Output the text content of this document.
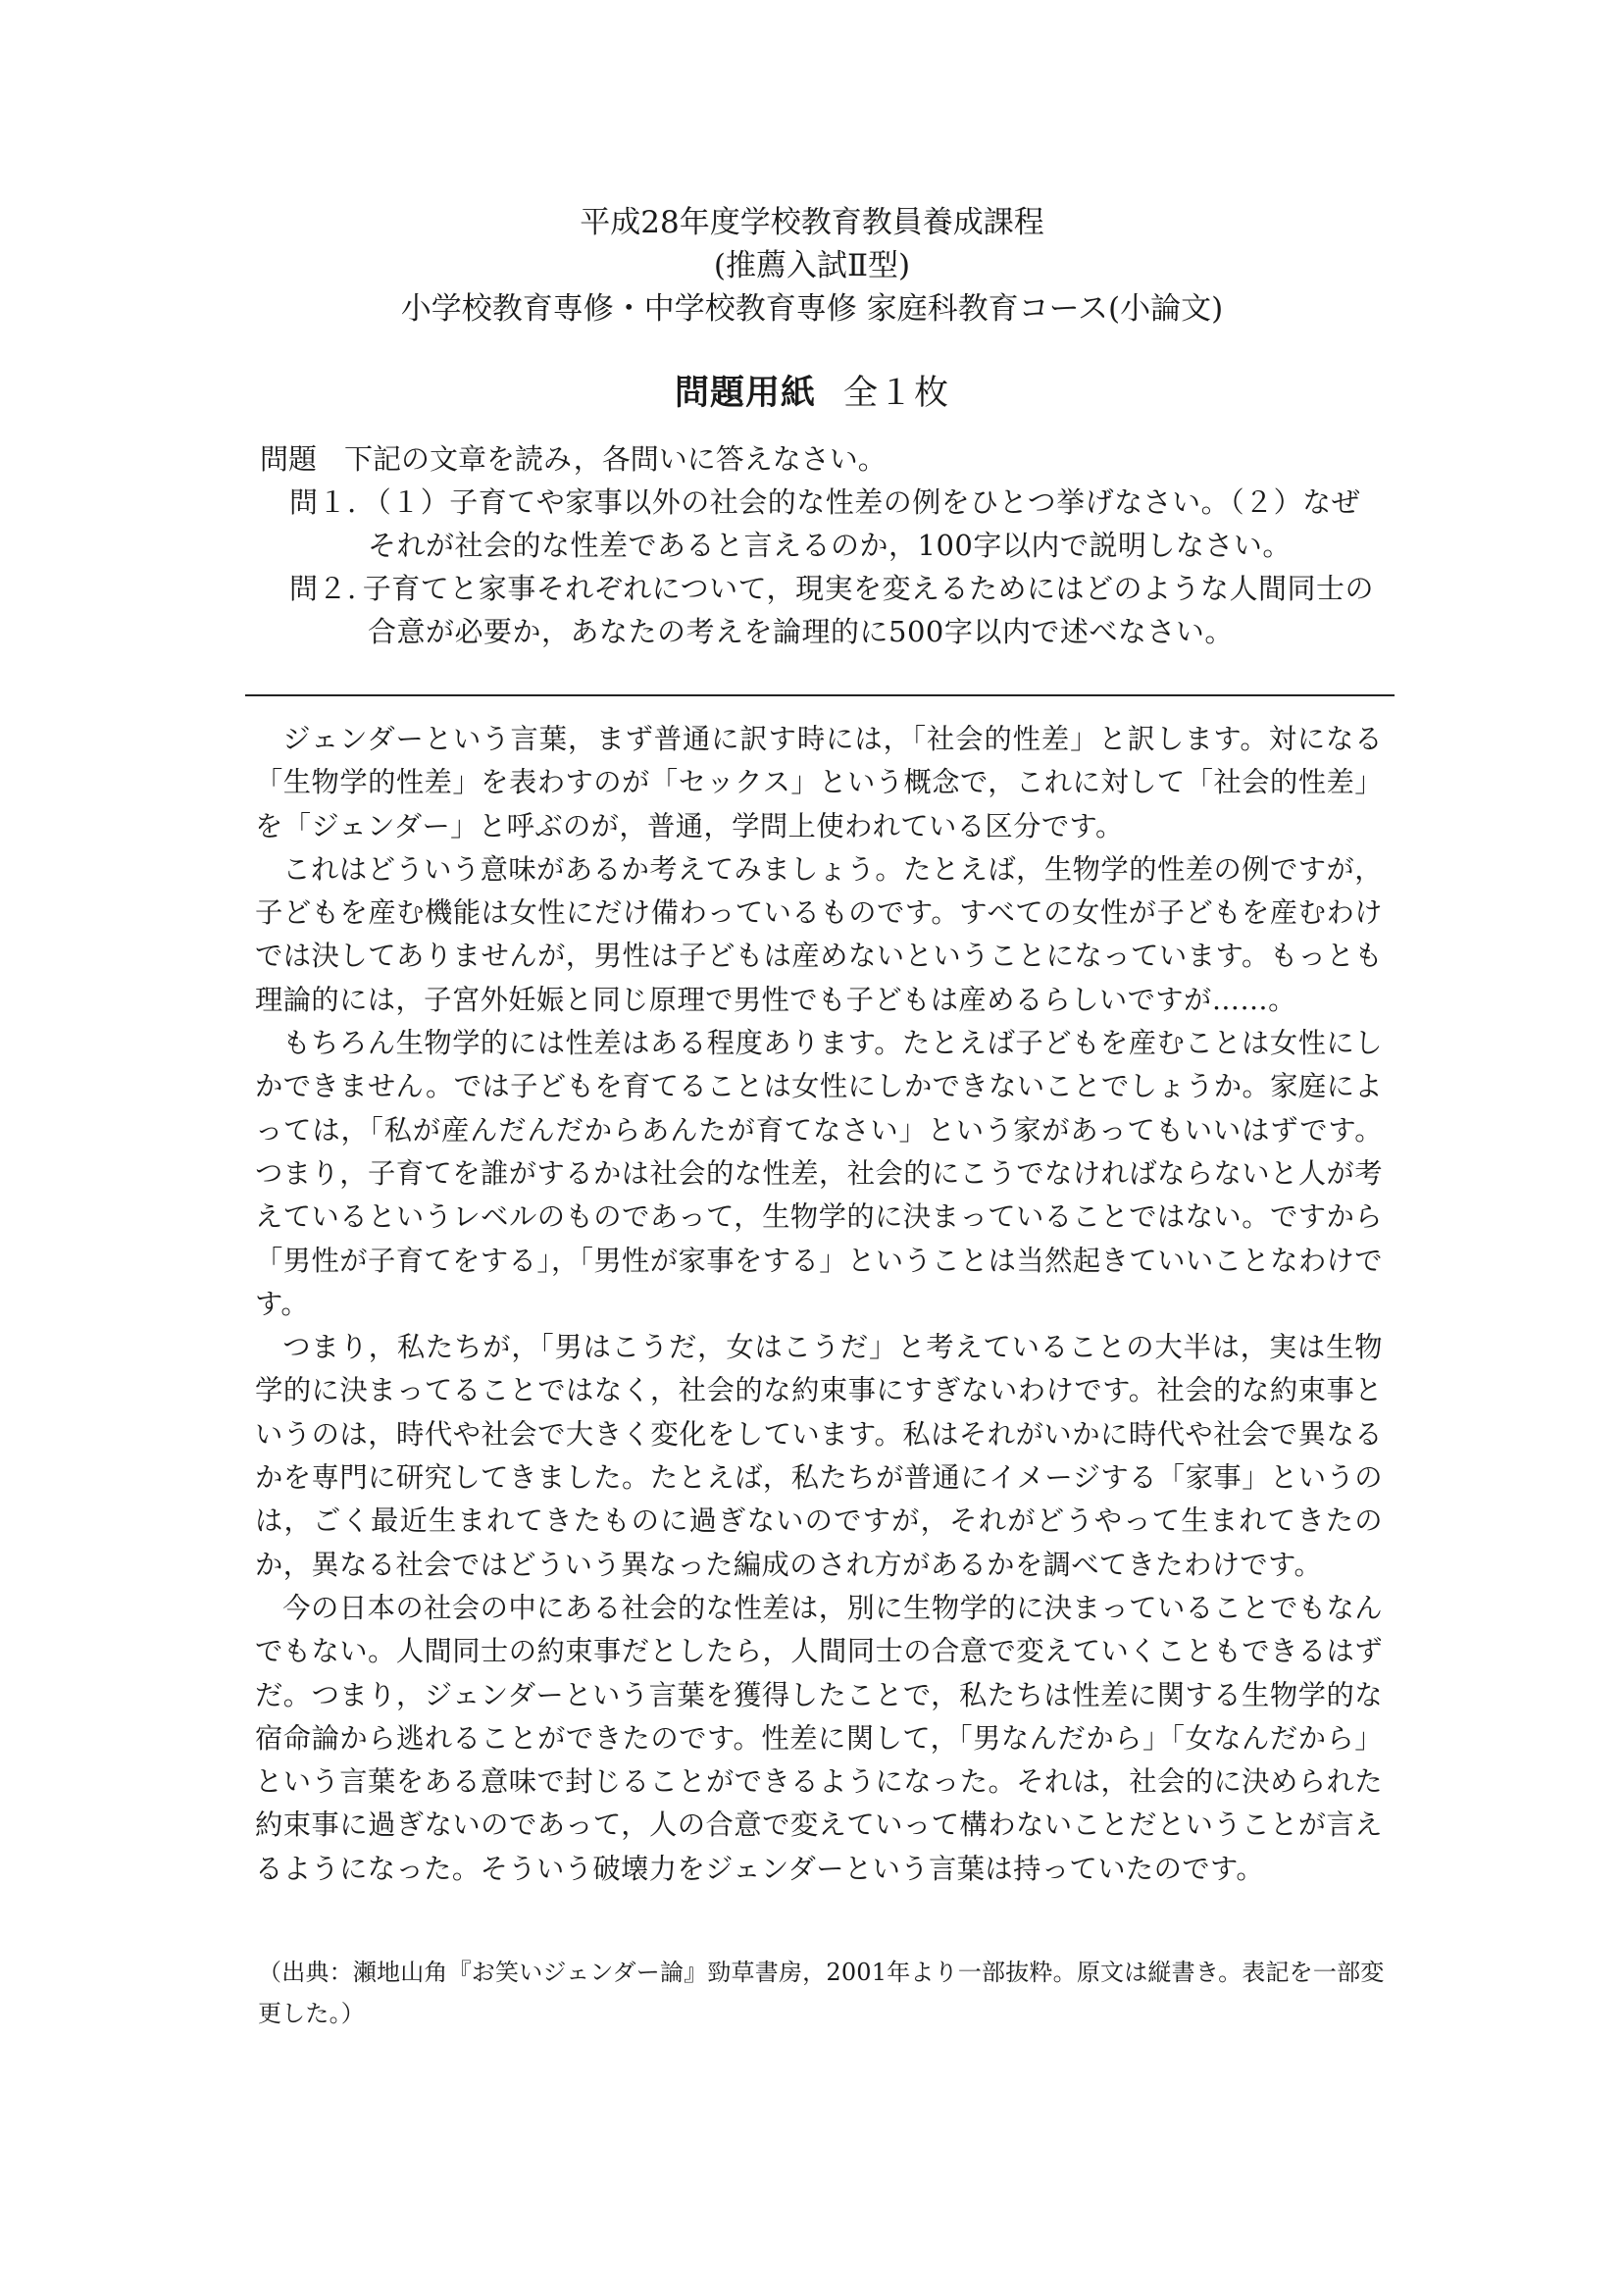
平成28年度学校教育教員養成課程
(推薦入試Ⅱ型)
小学校教育専修・中学校教育専修 家庭科教育コース(小論文)
問題用紙 全１枚
問題 下記の文章を読み，各問いに答えなさい。
問１. （１）子育てや家事以外の社会的な性差の例をひとつ挙げなさい。（２）なぜそれが社会的な性差であると言えるのか，100字以内で説明しなさい。
問２. 子育てと家事それぞれについて，現実を変えるためにはどのような人間同士の合意が必要か，あなたの考えを論理的に500字以内で述べなさい。

ジェンダーという言葉，まず普通に訳す時には，「社会的性差」と訳します。対になる「生物学的性差」を表わすのが「セックス」という概念で，これに対して「社会的性差」を「ジェンダー」と呼ぶのが，普通，学問上使われている区分です。

これはどういう意味があるか考えてみましょう。たとえば，生物学的性差の例ですが，子どもを産む機能は女性にだけ備わっているものです。すべての女性が子どもを産むわけでは決してありませんが，男性は子どもは産めないということになっています。もっとも理論的には，子宮外妊娠と同じ原理で男性でも子どもは産めるらしいですが……。

もちろん生物学的には性差はある程度あります。たとえば子どもを産むことは女性にしかできません。では子どもを育てることは女性にしかできないことでしょうか。家庭によっては，「私が産んだんだからあんたが育てなさい」という家があってもいいはずです。つまり，子育てを誰がするかは社会的な性差，社会的にこうでなければならないと人が考えているというレベルのものであって，生物学的に決まっていることではない。ですから「男性が子育てをする」，「男性が家事をする」ということは当然起きていいことなわけです。

つまり，私たちが，「男はこうだ，女はこうだ」と考えていることの大半は，実は生物学的に決まってることではなく，社会的な約束事にすぎないわけです。社会的な約束事というのは，時代や社会で大きく変化をしています。私はそれがいかに時代や社会で異なるかを専門に研究してきました。たとえば，私たちが普通にイメージする「家事」というのは，ごく最近生まれてきたものに過ぎないのですが，それがどうやって生まれてきたのか，異なる社会ではどういう異なった編成のされ方があるかを調べてきたわけです。

今の日本の社会の中にある社会的な性差は，別に生物学的に決まっていることでもなんでもない。人間同士の約束事だとしたら，人間同士の合意で変えていくこともできるはずだ。つまり，ジェンダーという言葉を獲得したことで，私たちは性差に関する生物学的な宿命論から逃れることができたのです。性差に関して，「男なんだから」「女なんだから」という言葉をある意味で封じることができるようになった。それは，社会的に決められた約束事に過ぎないのであって，人の合意で変えていって構わないことだということが言えるようになった。そういう破壊力をジェンダーという言葉は持っていたのです。

（出典：瀬地山角『お笑いジェンダー論』勁草書房，2001年より一部抜粋。原文は縦書き。表記を一部変更した。）
